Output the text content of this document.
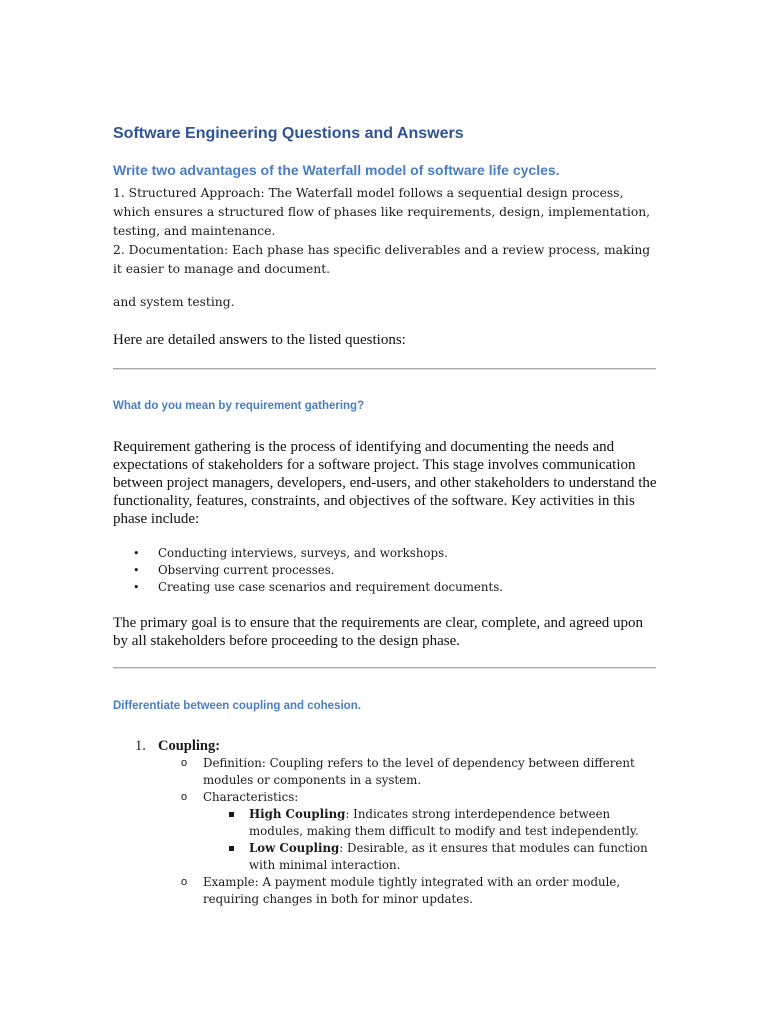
Software Engineering Questions and Answers
Write two advantages of the Waterfall model of software life cycles.

1. Structured Approach: The Waterfall model follows a sequential design process, which ensures a structured flow of phases like requirements, design, implementation, testing, and maintenance.

2. Documentation: Each phase has specific deliverables and a review process, making it easier to manage and document.

and system testing.

Here are detailed answers to the listed questions:

What do you mean by requirement gathering?

Requirement gathering is the process of identifying and documenting the needs and expectations of stakeholders for a software project. This stage involves communication between project managers, developers, end-users, and other stakeholders to understand the functionality, features, constraints, and objectives of the software. Key activities in this phase include:

• Conducting interviews, surveys, and workshops.
• Observing current processes.
• Creating use case scenarios and requirement documents.

The primary goal is to ensure that the requirements are clear, complete, and agreed upon by all stakeholders before proceeding to the design phase.

Differentiate between coupling and cohesion.
1. Coupling:
o Definition: Coupling refers to the level of dependency between different modules or components in a system.
o Characteristics:
High Coupling: Indicates strong interdependence between modules, making them difficult to modify and test independently.
Low Coupling: Desirable, as it ensures that modules can function with minimal interaction.
o Example: A payment module tightly integrated with an order module, requiring changes in both for minor updates.
